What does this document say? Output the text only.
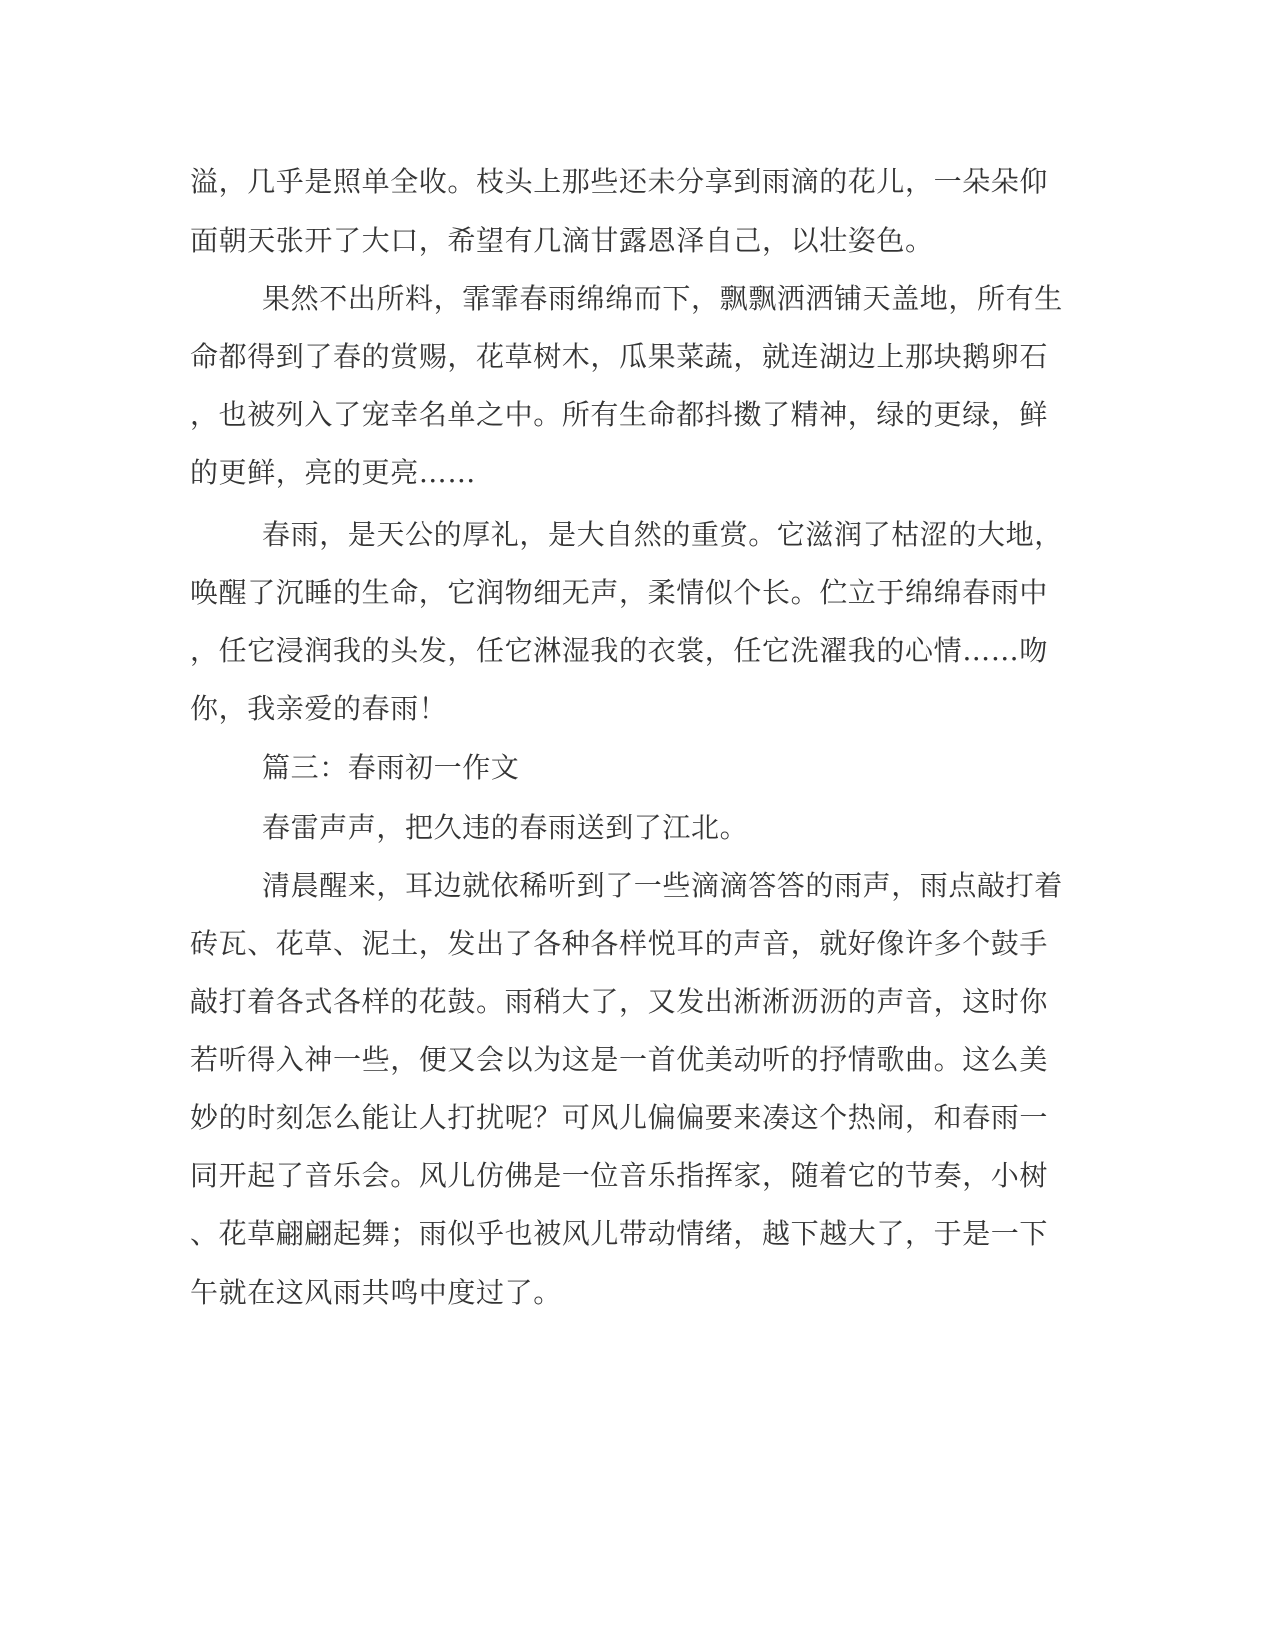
溢，几乎是照单全收。枝头上那些还未分享到雨滴的花儿，一朵朵仰
面朝天张开了大口，希望有几滴甘露恩泽自己，以壮姿色。
果然不出所料，霏霏春雨绵绵而下，飘飘洒洒铺天盖地，所有生
命都得到了春的赏赐，花草树木，瓜果菜蔬，就连湖边上那块鹅卵石
，也被列入了宠幸名单之中。所有生命都抖擞了精神，绿的更绿，鲜
的更鲜，亮的更亮……
春雨，是天公的厚礼，是大自然的重赏。它滋润了枯涩的大地，
唤醒了沉睡的生命，它润物细无声，柔情似个长。伫立于绵绵春雨中
，任它浸润我的头发，任它淋湿我的衣裳，任它洗濯我的心情……吻
你，我亲爱的春雨！
篇三：春雨初一作文
春雷声声，把久违的春雨送到了江北。
清晨醒来，耳边就依稀听到了一些滴滴答答的雨声，雨点敲打着
砖瓦、花草、泥土，发出了各种各样悦耳的声音，就好像许多个鼓手
敲打着各式各样的花鼓。雨稍大了，又发出淅淅沥沥的声音，这时你
若听得入神一些，便又会以为这是一首优美动听的抒情歌曲。这么美
妙的时刻怎么能让人打扰呢？可风儿偏偏要来凑这个热闹，和春雨一
同开起了音乐会。风儿仿佛是一位音乐指挥家，随着它的节奏，小树
、花草翩翩起舞；雨似乎也被风儿带动情绪，越下越大了，于是一下
午就在这风雨共鸣中度过了。
